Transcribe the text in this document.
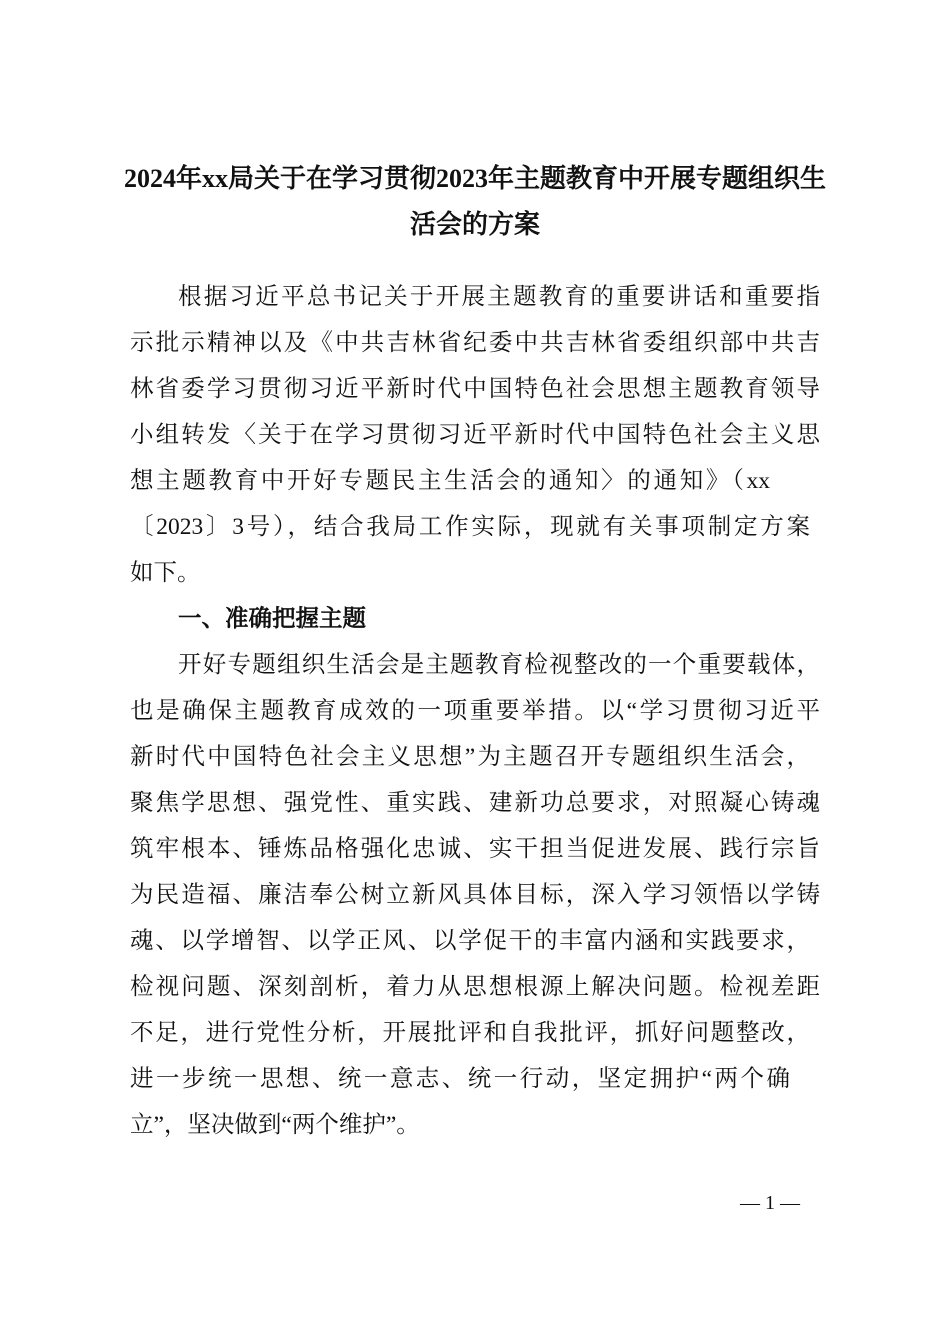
2024年xx局关于在学习贯彻2023年主题教育中开展专题组织生
活会的方案
根据习近平总书记关于开展主题教育的重要讲话和重要指
示批示精神以及《中共吉林省纪委中共吉林省委组织部中共吉
林省委学习贯彻习近平新时代中国特色社会思想主题教育领导
小组转发〈关于在学习贯彻习近平新时代中国特色社会主义思
想主题教育中开好专题民主生活会的通知〉的通知》（xx
〔2023〕3号），结合我局工作实际，现就有关事项制定方案
如下。
一、准确把握主题
开好专题组织生活会是主题教育检视整改的一个重要载体，
也是确保主题教育成效的一项重要举措。以“学习贯彻习近平
新时代中国特色社会主义思想”为主题召开专题组织生活会，
聚焦学思想、强党性、重实践、建新功总要求，对照凝心铸魂
筑牢根本、锤炼品格强化忠诚、实干担当促进发展、践行宗旨
为民造福、廉洁奉公树立新风具体目标，深入学习领悟以学铸
魂、以学增智、以学正风、以学促干的丰富内涵和实践要求，
检视问题、深刻剖析，着力从思想根源上解决问题。检视差距
不足，进行党性分析，开展批评和自我批评，抓好问题整改，
进一步统一思想、统一意志、统一行动，坚定拥护“两个确
立”，坚决做到“两个维护”。
— 1 —
